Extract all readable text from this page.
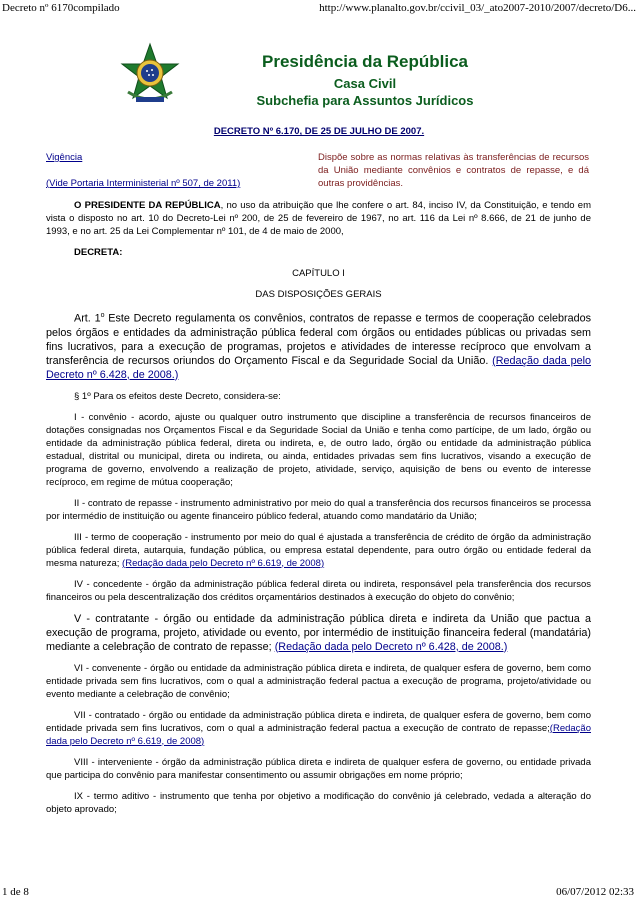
Decreto nº 6170compilado	http://www.planalto.gov.br/ccivil_03/_ato2007-2010/2007/decreto/D6...
Presidência da República
Casa Civil
Subchefia para Assuntos Jurídicos
DECRETO Nº 6.170, DE 25 DE JULHO DE 2007.
Vigência
(Vide Portaria Interministerial nº 507, de 2011)
Dispõe sobre as normas relativas às transferências de recursos da União mediante convênios e contratos de repasse, e dá outras providências.

O PRESIDENTE DA REPÚBLICA, no uso da atribuição que lhe confere o art. 84, inciso IV, da Constituição, e tendo em vista o disposto no art. 10 do Decreto-Lei nº 200, de 25 de fevereiro de 1967, no art. 116 da Lei nº 8.666, de 21 de junho de 1993, e no art. 25 da Lei Complementar nº 101, de 4 de maio de 2000,

DECRETA:

CAPÍTULO I

DAS DISPOSIÇÕES GERAIS

Art. 1$^o$ Este Decreto regulamenta os convênios, contratos de repasse e termos de cooperação celebrados pelos órgãos e entidades da administração pública federal com órgãos ou entidades públicas ou privadas sem fins lucrativos, para a execução de programas, projetos e atividades de interesse recíproco que envolvam a transferência de recursos oriundos do Orçamento Fiscal e da Seguridade Social da União. (Redação dada pelo Decreto nº 6.428, de 2008.)

§ 1º Para os efeitos deste Decreto, considera-se:

I - convênio - acordo, ajuste ou qualquer outro instrumento que discipline a transferência de recursos financeiros de dotações consignadas nos Orçamentos Fiscal e da Seguridade Social da União e tenha como partícipe, de um lado, órgão ou entidade da administração pública federal, direta ou indireta, e, de outro lado, órgão ou entidade da administração pública estadual, distrital ou municipal, direta ou indireta, ou ainda, entidades privadas sem fins lucrativos, visando a execução de programa de governo, envolvendo a realização de projeto, atividade, serviço, aquisição de bens ou evento de interesse recíproco, em regime de mútua cooperação;

II - contrato de repasse - instrumento administrativo por meio do qual a transferência dos recursos financeiros se processa por intermédio de instituição ou agente financeiro público federal, atuando como mandatário da União;

III - termo de cooperação - instrumento por meio do qual é ajustada a transferência de crédito de órgão da administração pública federal direta, autarquia, fundação pública, ou empresa estatal dependente, para outro órgão ou entidade federal da mesma natureza; (Redação dada pelo Decreto nº 6.619, de 2008)

IV - concedente - órgão da administração pública federal direta ou indireta, responsável pela transferência dos recursos financeiros ou pela descentralização dos créditos orçamentários destinados à execução do objeto do convênio;

V - contratante - órgão ou entidade da administração pública direta e indireta da União que pactua a execução de programa, projeto, atividade ou evento, por intermédio de instituição financeira federal (mandatária) mediante a celebração de contrato de repasse; (Redação dada pelo Decreto nº 6.428, de 2008.)

VI - convenente - órgão ou entidade da administração pública direta e indireta, de qualquer esfera de governo, bem como entidade privada sem fins lucrativos, com o qual a administração federal pactua a execução de programa, projeto/atividade ou evento mediante a celebração de convênio;

VII - contratado - órgão ou entidade da administração pública direta e indireta, de qualquer esfera de governo, bem como entidade privada sem fins lucrativos, com o qual a administração federal pactua a execução de contrato de repasse;(Redação dada pelo Decreto nº 6.619, de 2008)

VIII - interveniente - órgão da administração pública direta e indireta de qualquer esfera de governo, ou entidade privada que participa do convênio para manifestar consentimento ou assumir obrigações em nome próprio;

IX - termo aditivo - instrumento que tenha por objetivo a modificação do convênio já celebrado, vedada a alteração do objeto aprovado;

1 de 8	06/07/2012 02:33
